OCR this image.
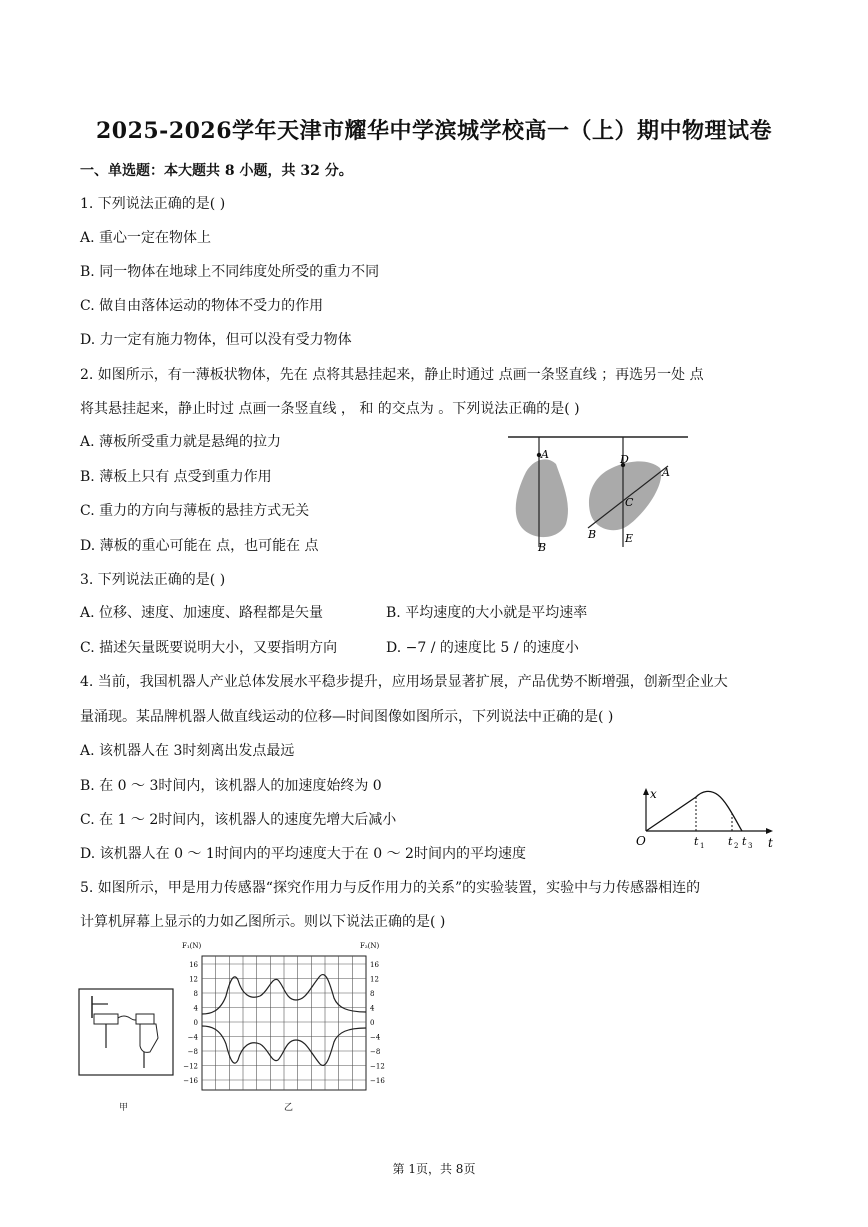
2025-2026学年天津市耀华中学滨城学校高一（上）期中物理试卷
一、单选题：本大题共 8 小题，共 32 分。
1. 下列说法正确的是( )
A. 重心一定在物体上
B. 同一物体在地球上不同纬度处所受的重力不同
C. 做自由落体运动的物体不受力的作用
D. 力一定有施力物体，但可以没有受力物体
2. 如图所示，有一薄板状物体，先在 点将其悬挂起来，静止时通过 点画一条竖直线 ；再选另一处 点
将其悬挂起来，静止时过 点画一条竖直线 ， 和 的交点为 。下列说法正确的是( )
A. 薄板所受重力就是悬绳的拉力
B. 薄板上只有 点受到重力作用
C. 重力的方向与薄板的悬挂方式无关
D. 薄板的重心可能在 点，也可能在 点
A
B
D
A
C
B	E
3. 下列说法正确的是( )
A. 位移、速度、加速度、路程都是矢量	B. 平均速度的大小就是平均速率
C. 描述矢量既要说明大小，又要指明方向	D. −7 / 的速度比 5 / 的速度小
4. 当前，我国机器人产业总体发展水平稳步提升，应用场景显著扩展，产品优势不断增强，创新型企业大
量涌现。某品牌机器人做直线运动的位移—时间图像如图所示，下列说法中正确的是( )
A. 该机器人在 3时刻离出发点最远
B. 在 0 ～ 3时间内，该机器人的加速度始终为 0
C. 在 1 ～ 2时间内，该机器人的速度先增大后减小
D. 该机器人在 0 ～ 1时间内的平均速度大于在 0 ～ 2时间内的平均速度
x
t
O	t 1 t 2 t 3
5. 如图所示，甲是用力传感器“探究作用力与反作用力的关系”的实验装置，实验中与力传感器相连的
计算机屏幕上显示的力如乙图所示。则以下说法正确的是( )
甲
16
12
8
4
0
−4
−8
−12
−16
16
12
8
4
0
−4
−8
−12
−16
F₁(N)	F₂(N)
乙
第 1页，共 8页
